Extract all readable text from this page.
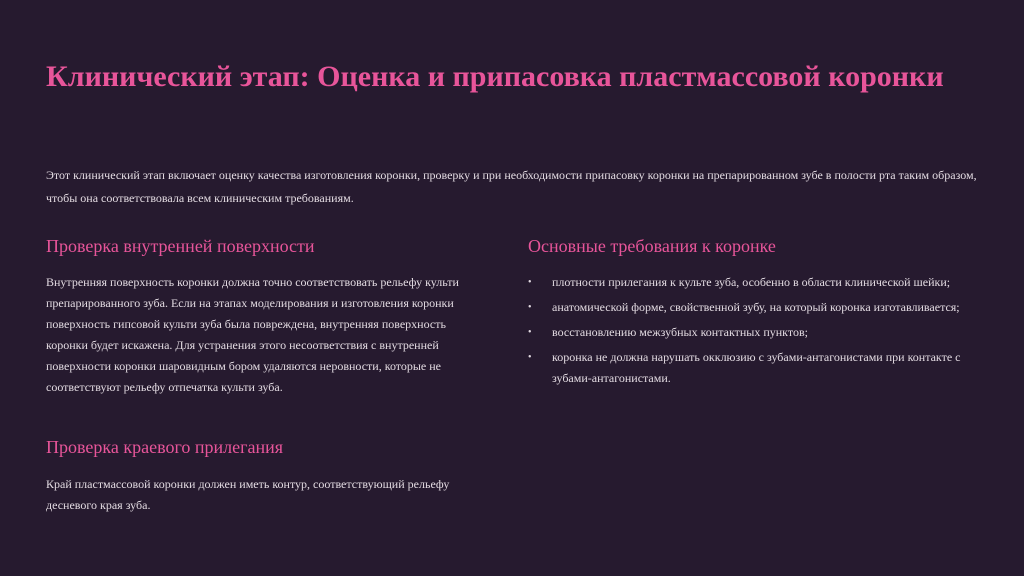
Клинический этап: Оценка и припасовка пластмассовой коронки

Этот клинический этап включает оценку качества изготовления коронки, проверку и при необходимости припасовку коронки на препарированном зубе в полости рта таким образом, чтобы она соответствовала всем клиническим требованиям.

Проверка внутренней поверхности

Внутренняя поверхность коронки должна точно соответствовать рельефу культи препарированного зуба. Если на этапах моделирования и изготовления коронки поверхность гипсовой культи зуба была повреждена, внутренняя поверхность коронки будет искажена. Для устранения этого несоответствия с внутренней поверхности коронки шаровидным бором удаляются неровности, которые не соответствуют рельефу отпечатка культи зуба.

Проверка краевого прилегания

Край пластмассовой коронки должен иметь контур, соответствующий рельефу десневого края зуба.

Основные требования к коронке
• плотности прилегания к культе зуба, особенно в области клинической шейки;
• анатомической форме, свойственной зубу, на который коронка изготавливается;
• восстановлению межзубных контактных пунктов;
• коронка не должна нарушать окклюзию с зубами-антагонистами при контакте с зубами-антагонистами.
